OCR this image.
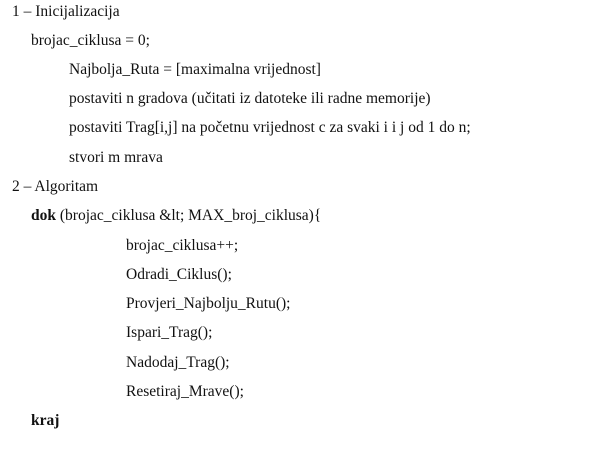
1 – Inicijalizacija
brojac_ciklusa = 0;
Najbolja_Ruta = [maximalna vrijednost]
postaviti n gradova (učitati iz datoteke ili radne memorije)
postaviti Trag[i,j] na početnu vrijednost c za svaki i i j od 1 do n;
stvori m mrava
2 – Algoritam
dok (brojac_ciklusa &lt; MAX_broj_ciklusa){
brojac_ciklusa++;
Odradi_Ciklus();
Provjeri_Najbolju_Rutu();
Ispari_Trag();
Nadodaj_Trag();
Resetiraj_Mrave();
kraj
